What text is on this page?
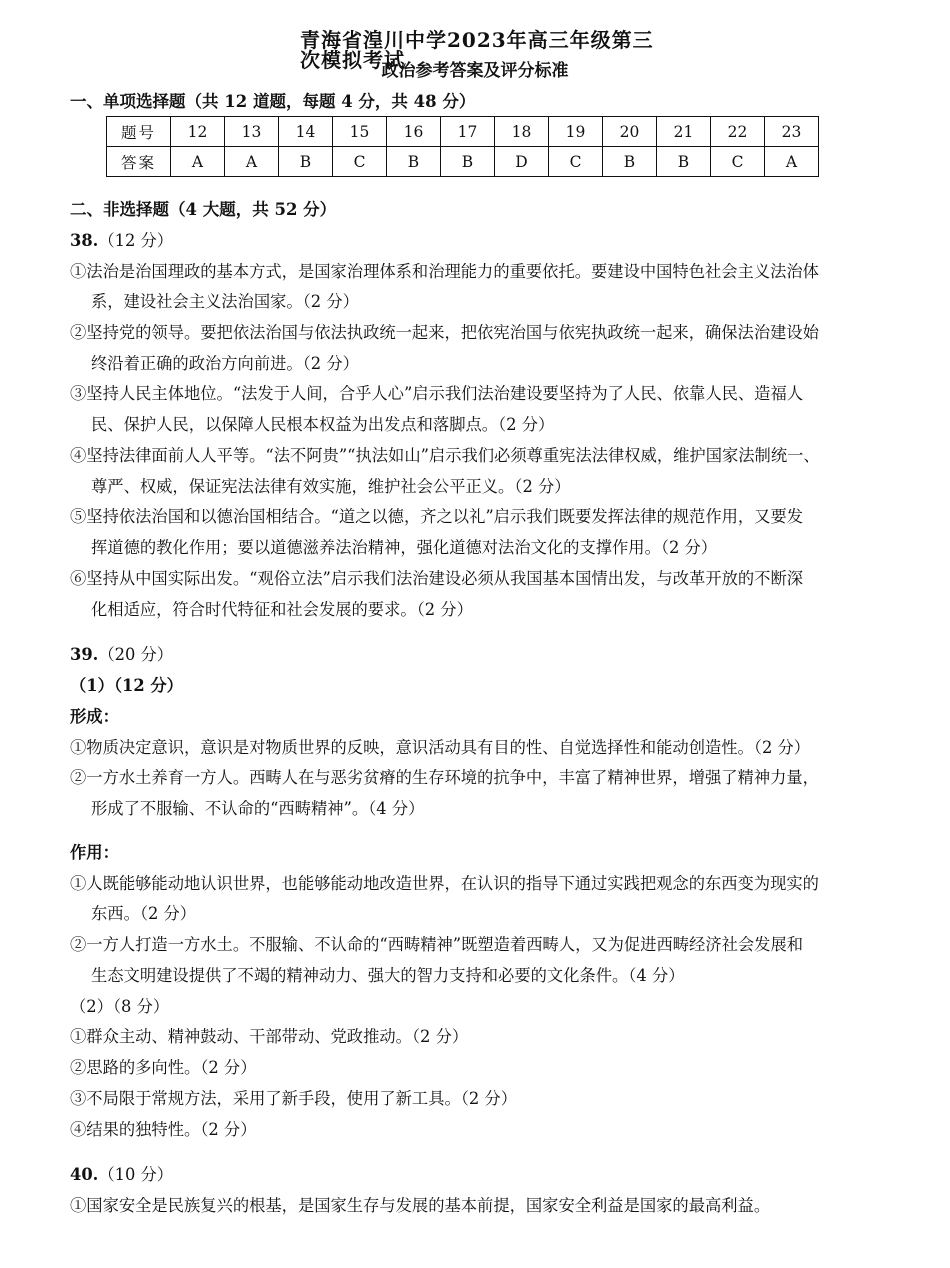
青海省湟川中学2023年高三年级第三次模拟考试
政治参考答案及评分标准
一、单项选择题（共 12 道题，每题 4 分，共 48 分）
题号	12	13	14	15	16	17	18	19	20	21	22	23
答案	A	A	B	C	B	B	D	C	B	B	C	A
二、非选择题（4 大题，共 52 分）
38.（12 分）
①法治是治国理政的基本方式，是国家治理体系和治理能力的重要依托。要建设中国特色社会主义法治体
系，建设社会主义法治国家。（2 分）
②坚持党的领导。要把依法治国与依法执政统一起来，把依宪治国与依宪执政统一起来，确保法治建设始
终沿着正确的政治方向前进。（2 分）
③坚持人民主体地位。“法发于人间，合乎人心”启示我们法治建设要坚持为了人民、依靠人民、造福人
民、保护人民，以保障人民根本权益为出发点和落脚点。（2 分）
④坚持法律面前人人平等。“法不阿贵”“执法如山”启示我们必须尊重宪法法律权威，维护国家法制统一、
尊严、权威，保证宪法法律有效实施，维护社会公平正义。（2 分）
⑤坚持依法治国和以德治国相结合。“道之以德，齐之以礼”启示我们既要发挥法律的规范作用，又要发
挥道德的教化作用；要以道德滋养法治精神，强化道德对法治文化的支撑作用。（2 分）
⑥坚持从中国实际出发。“观俗立法”启示我们法治建设必须从我国基本国情出发，与改革开放的不断深
化相适应，符合时代特征和社会发展的要求。（2 分）
39.（20 分）
（1）（12 分）
形成：
①物质决定意识，意识是对物质世界的反映，意识活动具有目的性、自觉选择性和能动创造性。（2 分）
②一方水土养育一方人。西畴人在与恶劣贫瘠的生存环境的抗争中，丰富了精神世界，增强了精神力量，
形成了不服输、不认命的“西畴精神”。（4 分）
作用：
①人既能够能动地认识世界，也能够能动地改造世界，在认识的指导下通过实践把观念的东西变为现实的
东西。（2 分）
②一方人打造一方水土。不服输、不认命的“西畴精神”既塑造着西畴人，又为促进西畴经济社会发展和
生态文明建设提供了不竭的精神动力、强大的智力支持和必要的文化条件。（4 分）
（2）（8 分）
①群众主动、精神鼓动、干部带动、党政推动。（2 分）
②思路的多向性。（2 分）
③不局限于常规方法，采用了新手段，使用了新工具。（2 分）
④结果的独特性。（2 分）
40.（10 分）
①国家安全是民族复兴的根基，是国家生存与发展的基本前提，国家安全利益是国家的最高利益。
